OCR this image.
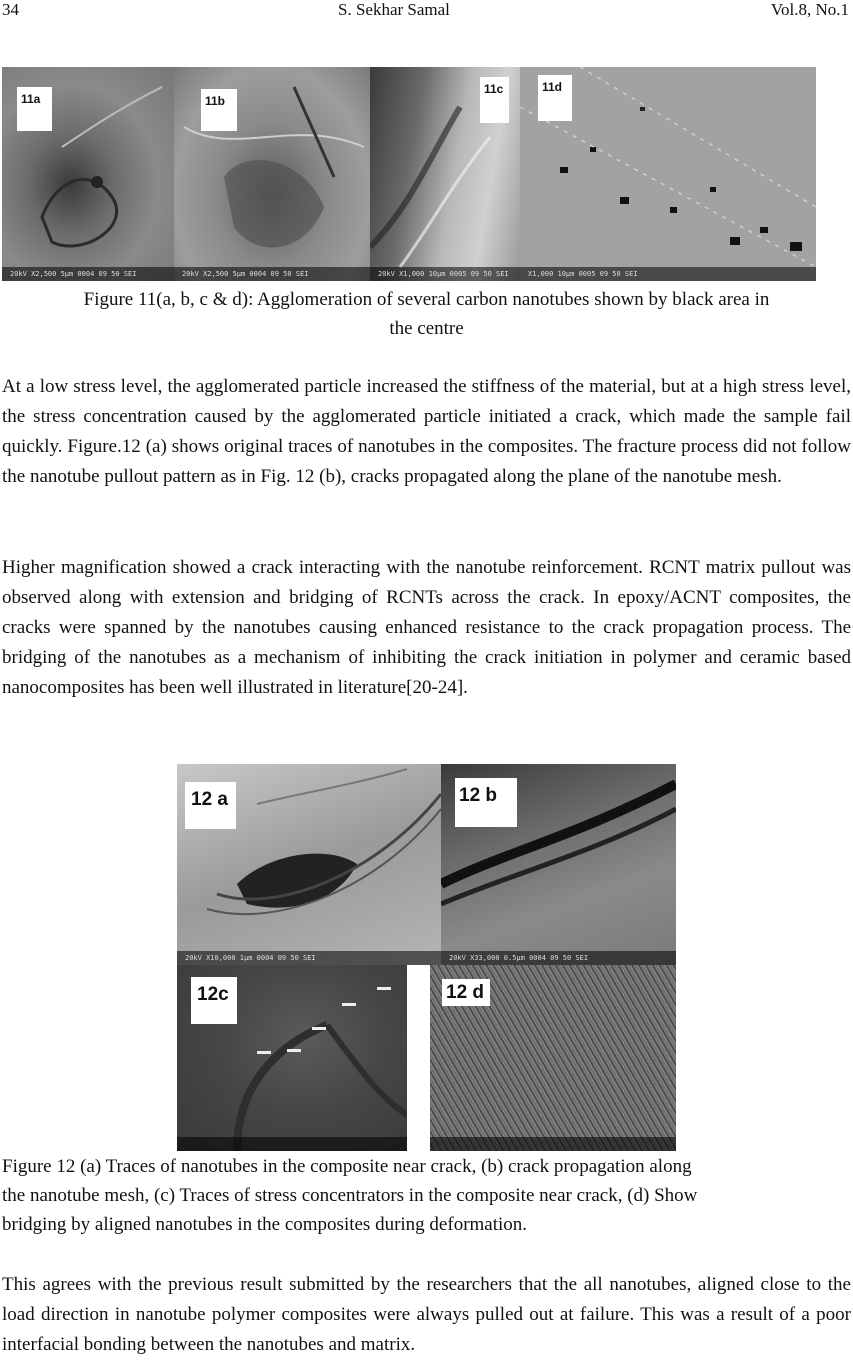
34	S. Sekhar Samal	Vol.8, No.1
11a
20kV X2,500 5µm 0004 09 50 SEI
11b
20kV X2,500 5µm 0004 09 50 SEI
11c
20kV X1,000 10µm 0005 09 50 SEI
11d
X1,000 10µm 0005 09 50 SEI
Figure 11(a, b, c & d): Agglomeration of several carbon nanotubes shown by black area in
the centre

At a low stress level, the agglomerated particle increased the stiffness of the material, but at a high stress level, the stress concentration caused by the agglomerated particle initiated a crack, which made the sample fail quickly. Figure.12 (a) shows original traces of nanotubes in the composites. The fracture process did not follow the nanotube pullout pattern as in Fig. 12 (b), cracks propagated along the plane of the nanotube mesh.

Higher magnification showed a crack interacting with the nanotube reinforcement. RCNT matrix pullout was observed along with extension and bridging of RCNTs across the crack. In epoxy/ACNT composites, the cracks were spanned by the nanotubes causing enhanced resistance to the crack propagation process. The bridging of the nanotubes as a mechanism of inhibiting the crack initiation in polymer and ceramic based nanocomposites has been well illustrated in literature[20-24].

12 a
20kV X10,000 1µm 0004 09 50 SEI
12 b
20kV X33,000 0.5µm 0004 09 50 SEI
12c	12 d
Figure 12 (a) Traces of nanotubes in the composite near crack, (b) crack propagation along
the nanotube mesh, (c) Traces of stress concentrators in the composite near crack, (d) Show
bridging by aligned nanotubes in the composites during deformation.

This agrees with the previous result submitted by the researchers that the all nanotubes, aligned close to the load direction in nanotube polymer composites were always pulled out at failure. This was a result of a poor interfacial bonding between the nanotubes and matrix.
